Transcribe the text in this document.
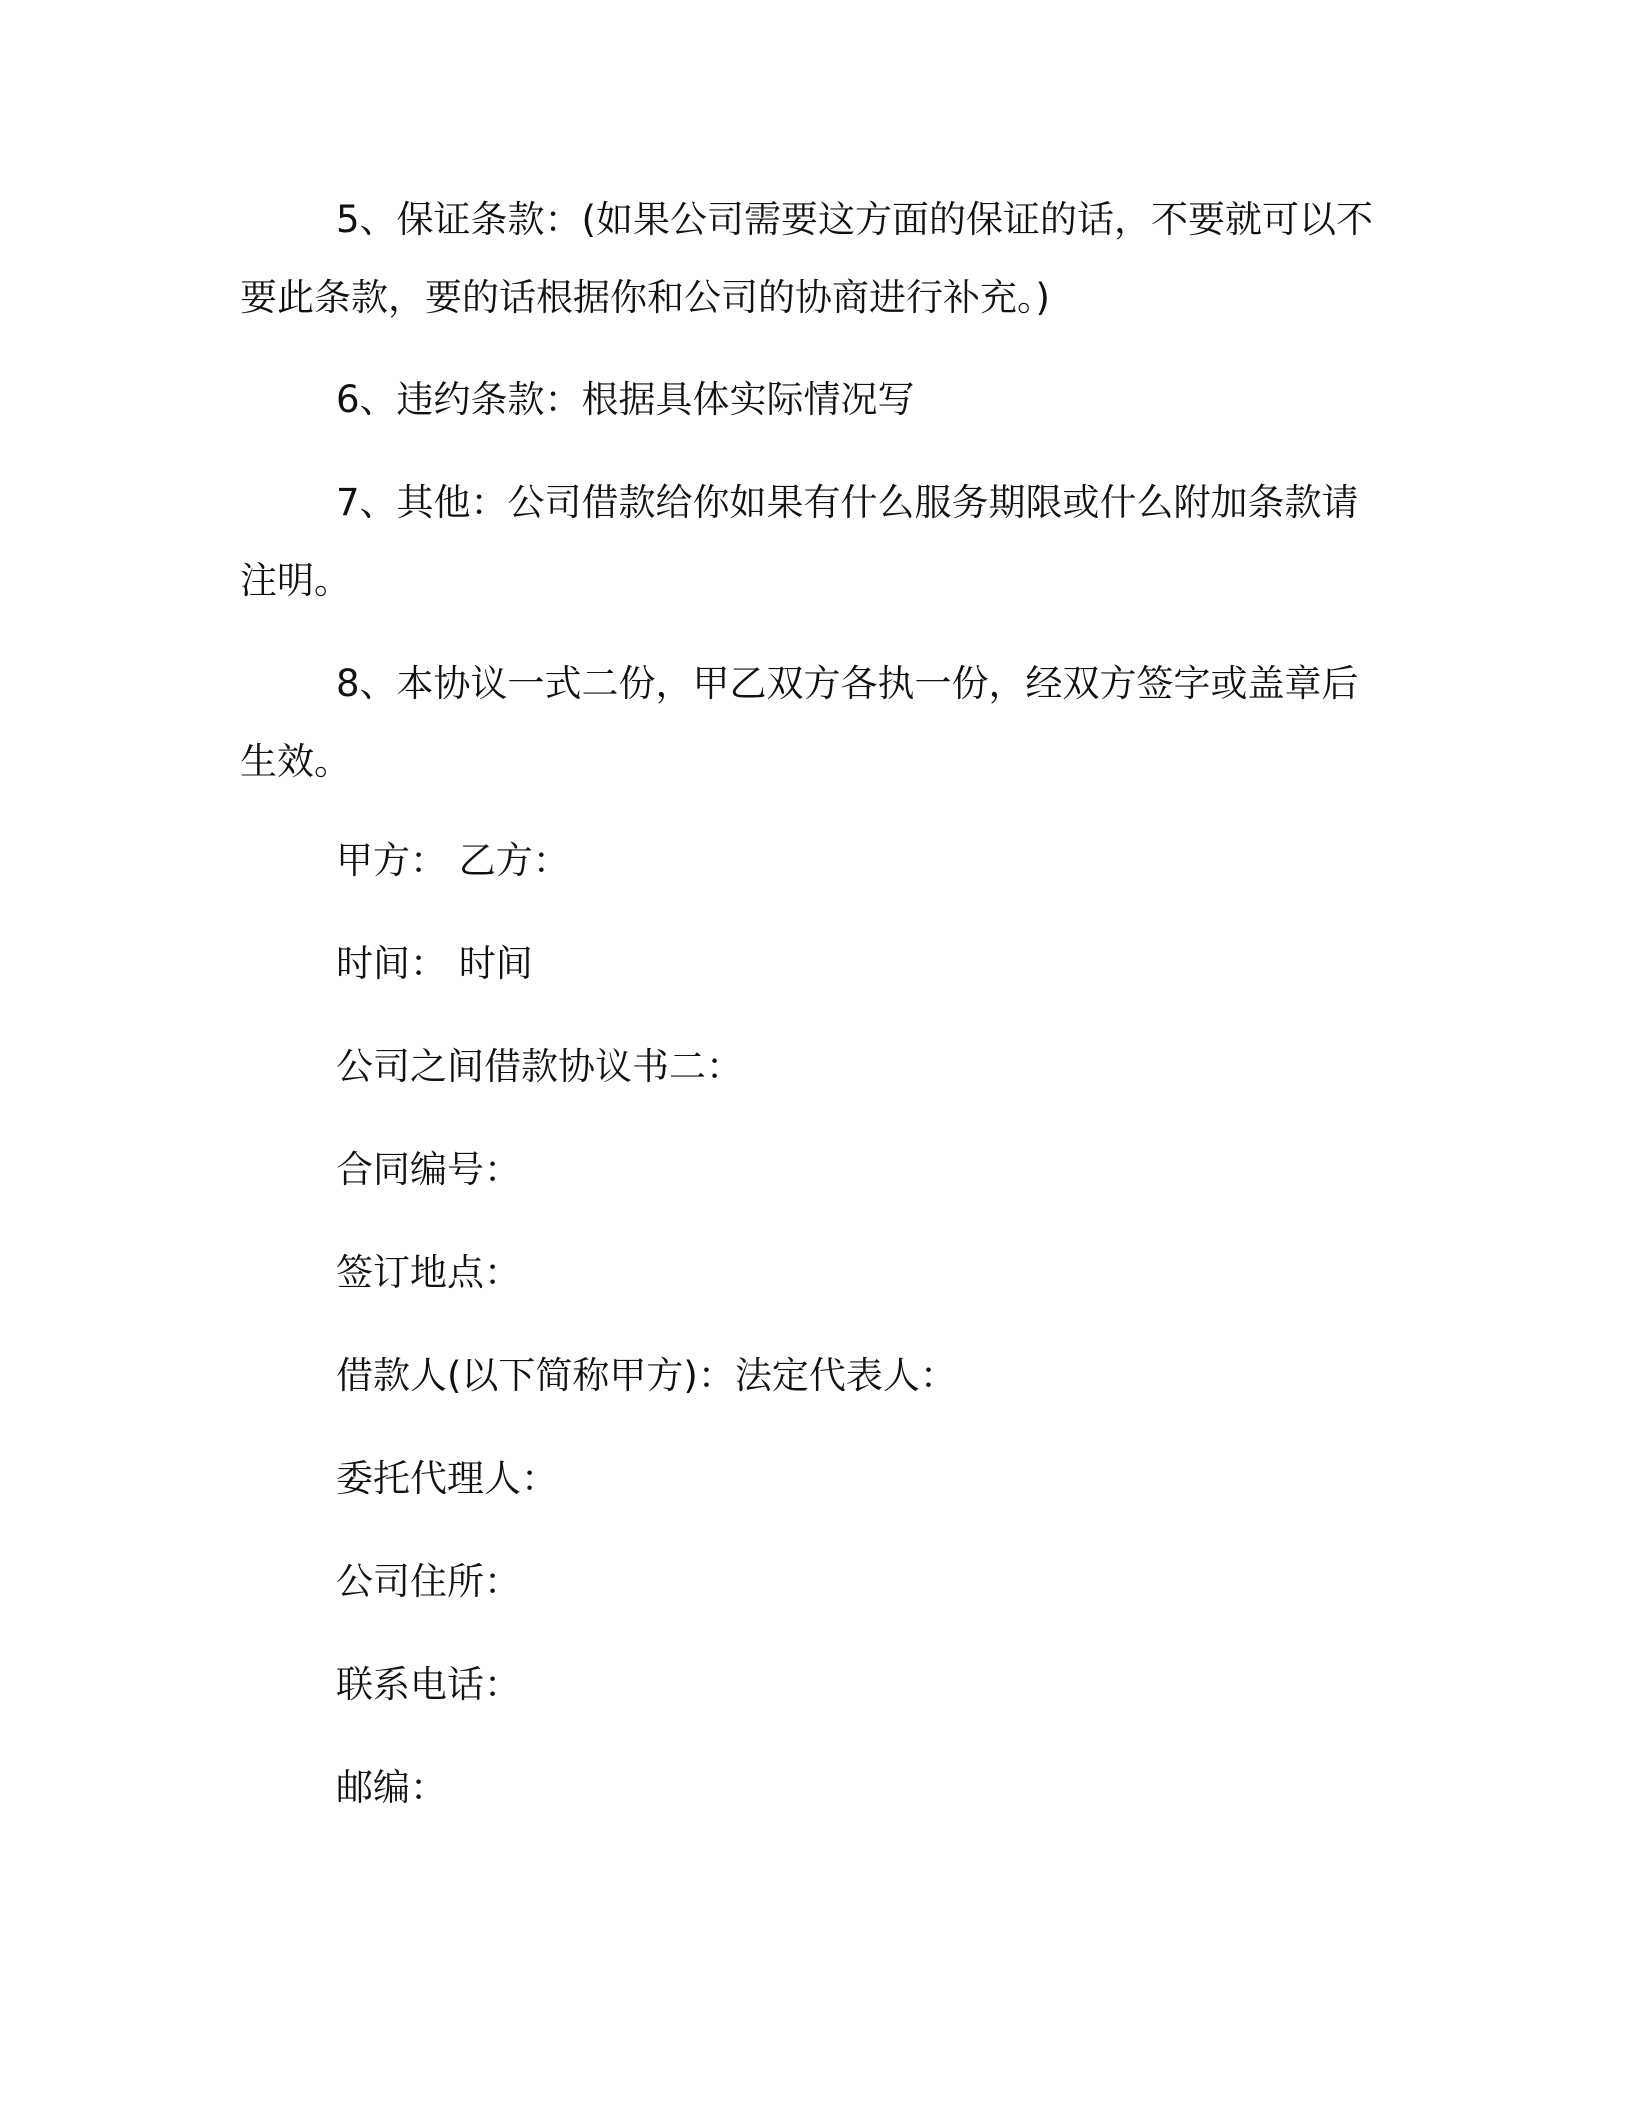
5、保证条款：(如果公司需要这方面的保证的话，不要就可以不要此条款，要的话根据你和公司的协商进行补充。)

6、违约条款：根据具体实际情况写

7、其他：公司借款给你如果有什么服务期限或什么附加条款请注明。

8、本协议一式二份，甲乙双方各执一份，经双方签字或盖章后生效。

甲方： 乙方：

时间： 时间

公司之间借款协议书二：

合同编号：

签订地点：

借款人(以下简称甲方)：法定代表人：

委托代理人：

公司住所：

联系电话：

邮编：
